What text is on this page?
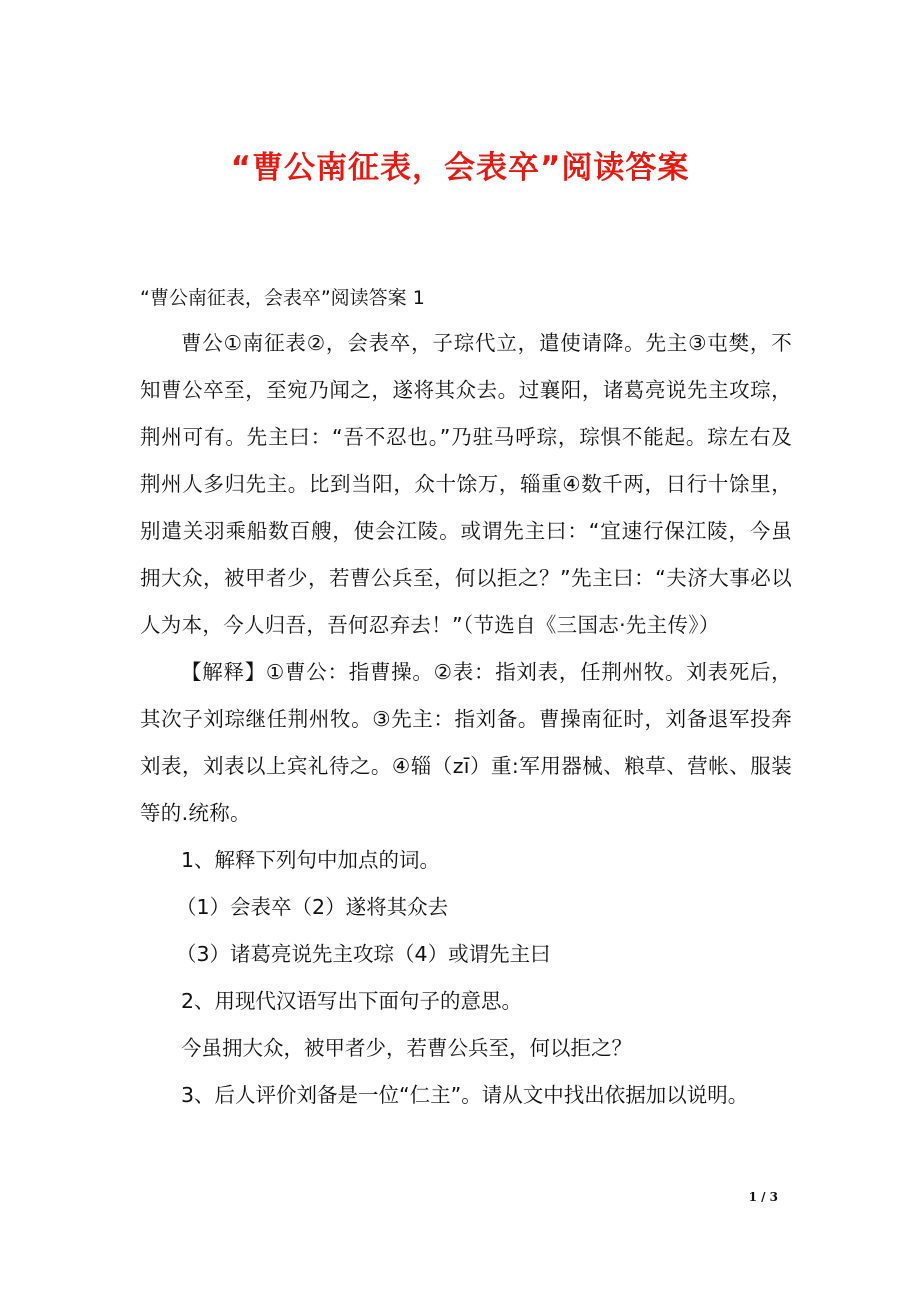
“曹公南征表，会表卒”阅读答案
“曹公南征表，会表卒”阅读答案 1

曹公①南征表②，会表卒，子琮代立，遣使请降。先主③屯樊，不知曹公卒至，至宛乃闻之，遂将其众去。过襄阳，诸葛亮说先主攻琮，荆州可有。先主曰：“吾不忍也。”乃驻马呼琮，琮惧不能起。琮左右及荆州人多归先主。比到当阳，众十馀万，辎重④数千两，日行十馀里，别遣关羽乘船数百艘，使会江陵。或谓先主曰：“宜速行保江陵，今虽拥大众，被甲者少，若曹公兵至，何以拒之？”先主曰：“夫济大事必以人为本，今人归吾，吾何忍弃去！”（节选自《三国志·先主传》）

【解释】①曹公：指曹操。②表：指刘表，任荆州牧。刘表死后，其次子刘琮继任荆州牧。③先主：指刘备。曹操南征时，刘备退军投奔刘表，刘表以上宾礼待之。④辎（zī）重:军用器械、粮草、营帐、服装等的.统称。

1、解释下列句中加点的词。

（1）会表卒（2）遂将其众去

（3）诸葛亮说先主攻琮（4）或谓先主曰

2、用现代汉语写出下面句子的意思。

今虽拥大众，被甲者少，若曹公兵至，何以拒之？

3、后人评价刘备是一位“仁主”。请从文中找出依据加以说明。

1 / 3
